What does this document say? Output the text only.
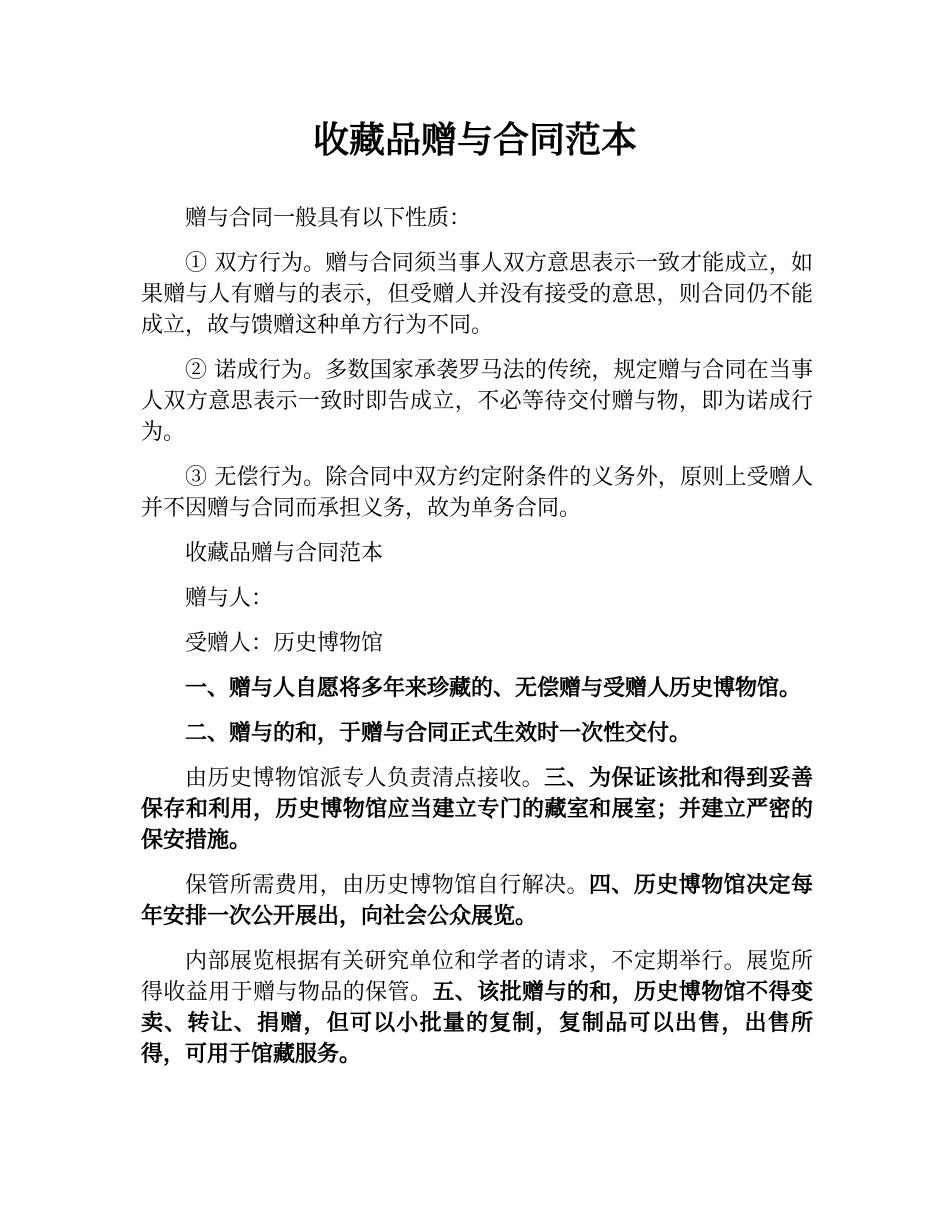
收藏品赠与合同范本

赠与合同一般具有以下性质：

① 双方行为。赠与合同须当事人双方意思表示一致才能成立，如果赠与人有赠与的表示，但受赠人并没有接受的意思，则合同仍不能成立，故与馈赠这种单方行为不同。

② 诺成行为。多数国家承袭罗马法的传统，规定赠与合同在当事人双方意思表示一致时即告成立，不必等待交付赠与物，即为诺成行为。

③ 无偿行为。除合同中双方约定附条件的义务外，原则上受赠人并不因赠与合同而承担义务，故为单务合同。

收藏品赠与合同范本

赠与人：

受赠人：历史博物馆

一、赠与人自愿将多年来珍藏的、无偿赠与受赠人历史博物馆。

二、赠与的和，于赠与合同正式生效时一次性交付。

由历史博物馆派专人负责清点接收。三、为保证该批和得到妥善保存和利用，历史博物馆应当建立专门的藏室和展室；并建立严密的保安措施。

保管所需费用，由历史博物馆自行解决。四、历史博物馆决定每年安排一次公开展出，向社会公众展览。

内部展览根据有关研究单位和学者的请求，不定期举行。展览所得收益用于赠与物品的保管。五、该批赠与的和，历史博物馆不得变卖、转让、捐赠，但可以小批量的复制，复制品可以出售，出售所得，可用于馆藏服务。
